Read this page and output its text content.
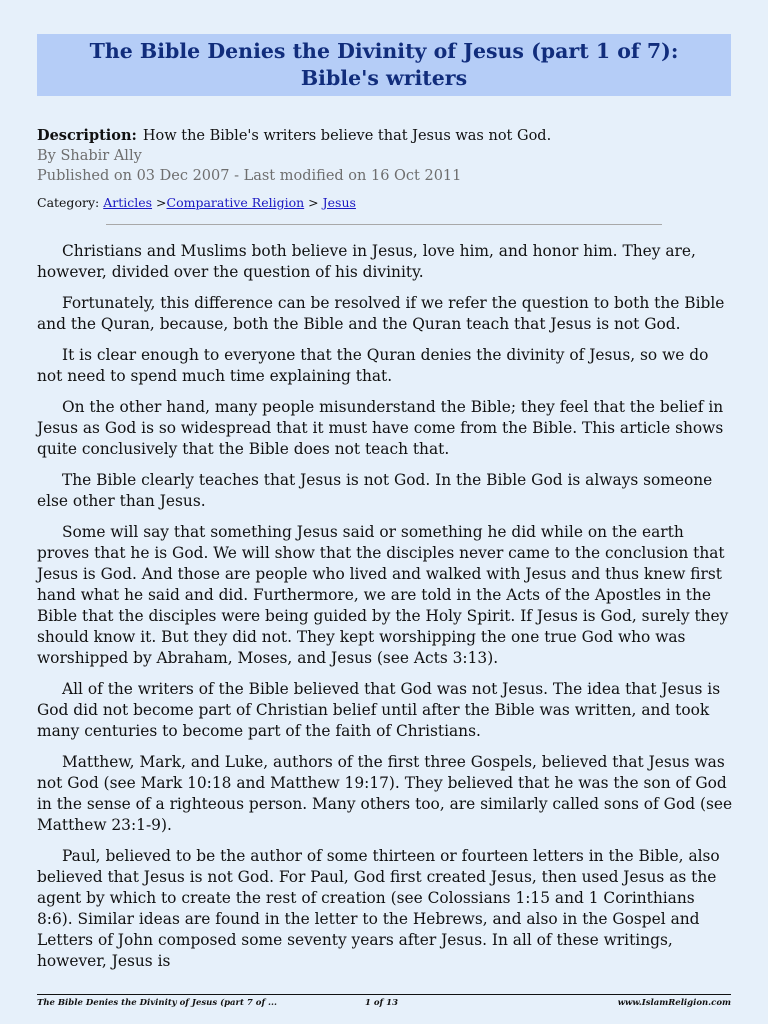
The Bible Denies the Divinity of Jesus (part 1 of 7): Bible's writers
Description: How the Bible's writers believe that Jesus was not God.
By Shabir Ally
Published on 03 Dec 2007 - Last modified on 16 Oct 2011
Category: Articles >Comparative Religion > Jesus

Christians and Muslims both believe in Jesus, love him, and honor him. They are, however, divided over the question of his divinity.

Fortunately, this difference can be resolved if we refer the question to both the Bible and the Quran, because, both the Bible and the Quran teach that Jesus is not God.

It is clear enough to everyone that the Quran denies the divinity of Jesus, so we do not need to spend much time explaining that.

On the other hand, many people misunderstand the Bible; they feel that the belief in Jesus as God is so widespread that it must have come from the Bible. This article shows quite conclusively that the Bible does not teach that.

The Bible clearly teaches that Jesus is not God. In the Bible God is always someone else other than Jesus.

Some will say that something Jesus said or something he did while on the earth proves that he is God. We will show that the disciples never came to the conclusion that Jesus is God. And those are people who lived and walked with Jesus and thus knew first hand what he said and did. Furthermore, we are told in the Acts of the Apostles in the Bible that the disciples were being guided by the Holy Spirit. If Jesus is God, surely they should know it. But they did not. They kept worshipping the one true God who was worshipped by Abraham, Moses, and Jesus (see Acts 3:13).

All of the writers of the Bible believed that God was not Jesus. The idea that Jesus is God did not become part of Christian belief until after the Bible was written, and took many centuries to become part of the faith of Christians.

Matthew, Mark, and Luke, authors of the first three Gospels, believed that Jesus was not God (see Mark 10:18 and Matthew 19:17). They believed that he was the son of God in the sense of a righteous person. Many others too, are similarly called sons of God (see Matthew 23:1-9).

Paul, believed to be the author of some thirteen or fourteen letters in the Bible, also believed that Jesus is not God. For Paul, God first created Jesus, then used Jesus as the agent by which to create the rest of creation (see Colossians 1:15 and 1 Corinthians 8:6). Similar ideas are found in the letter to the Hebrews, and also in the Gospel and Letters of John composed some seventy years after Jesus. In all of these writings, however, Jesus is

The Bible Denies the Divinity of Jesus (part 7 of ...	1 of 13	www.IslamReligion.com
